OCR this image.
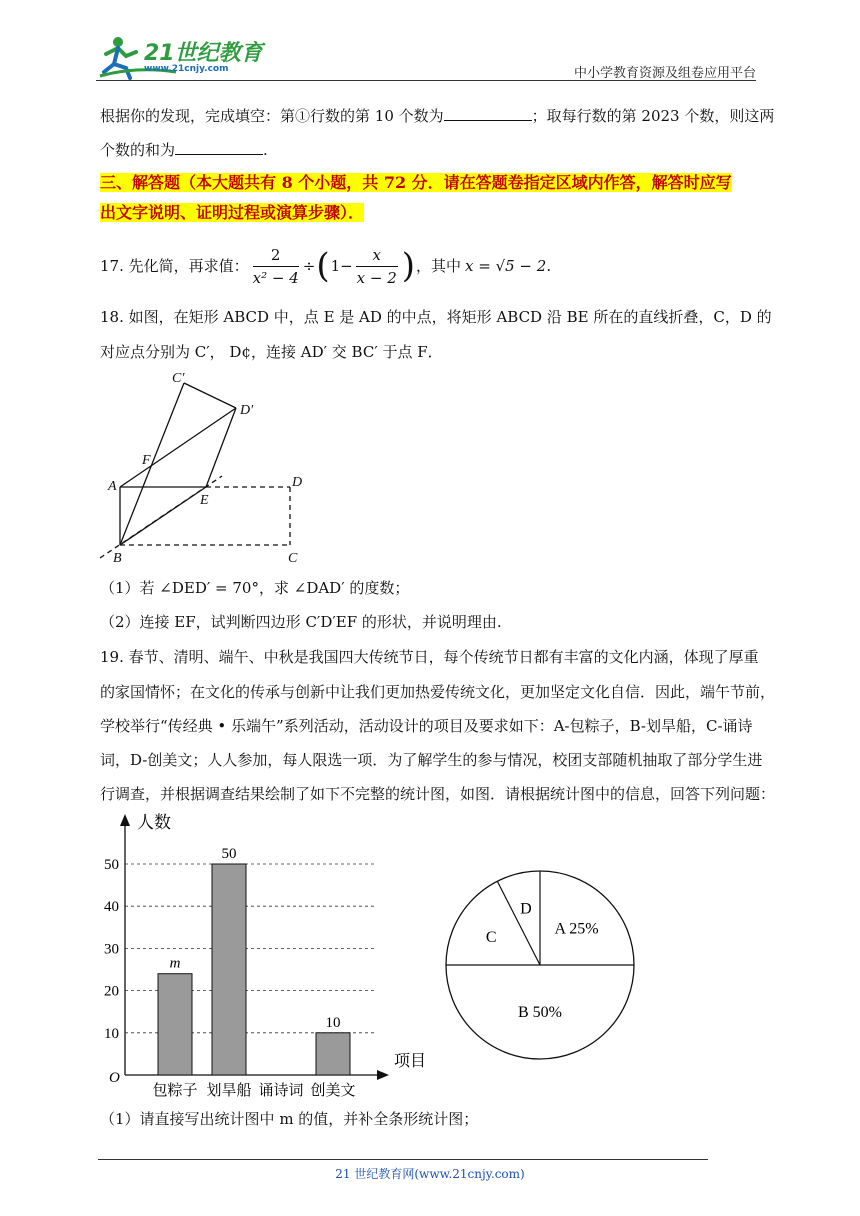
21世纪教育
www.21cnjy.com	中小学教育资源及组卷应用平台
根据你的发现，完成填空：第①行数的第 10 个数为	；取每行数的第 2023 个数，则这两
个数的和为	.
三、解答题（本大题共有 8 个小题，共 72 分．请在答题卷指定区域内作答，解答时应写
出文字说明、证明过程或演算步骤）．
17. 先化简，再求值：
2
x² − 4
÷ ( 1−
x
x − 2 ) ，其中 x = √5 − 2 .
18. 如图，在矩形 ABCD 中，点 E 是 AD 的中点，将矩形 ABCD 沿 BE 所在的直线折叠，C，D 的
对应点分别为 C′， D¢，连接 AD′ 交 BC′ 于点 F．
C′
D′
F
A
E
D
B	C
（1）若 ∠DED′ = 70°，求 ∠DAD′ 的度数；
（2）连接 EF，试判断四边形 C′D′EF 的形状，并说明理由.
19. 春节、清明、端午、中秋是我国四大传统节日，每个传统节日都有丰富的文化内涵，体现了厚重
的家国情怀；在文化的传承与创新中让我们更加热爱传统文化，更加坚定文化自信．因此，端午节前，
学校举行“传经典 • 乐端午”系列活动，活动设计的项目及要求如下：A-包粽子，B-划旱船，C-诵诗
词，D-创美文；人人参加，每人限选一项．为了解学生的参与情况，校团支部随机抽取了部分学生进
行调查，并根据调查结果绘制了如下不完整的统计图，如图．请根据统计图中的信息，回答下列问题：
人数
项目
O
10
20
30
40
50
m
包粽子
50
划旱船 诵诗词
10
创美文
A 25%
B 50%
C
D
（1）请直接写出统计图中 m 的值，并补全条形统计图；
21 世纪教育网(www.21cnjy.com)
